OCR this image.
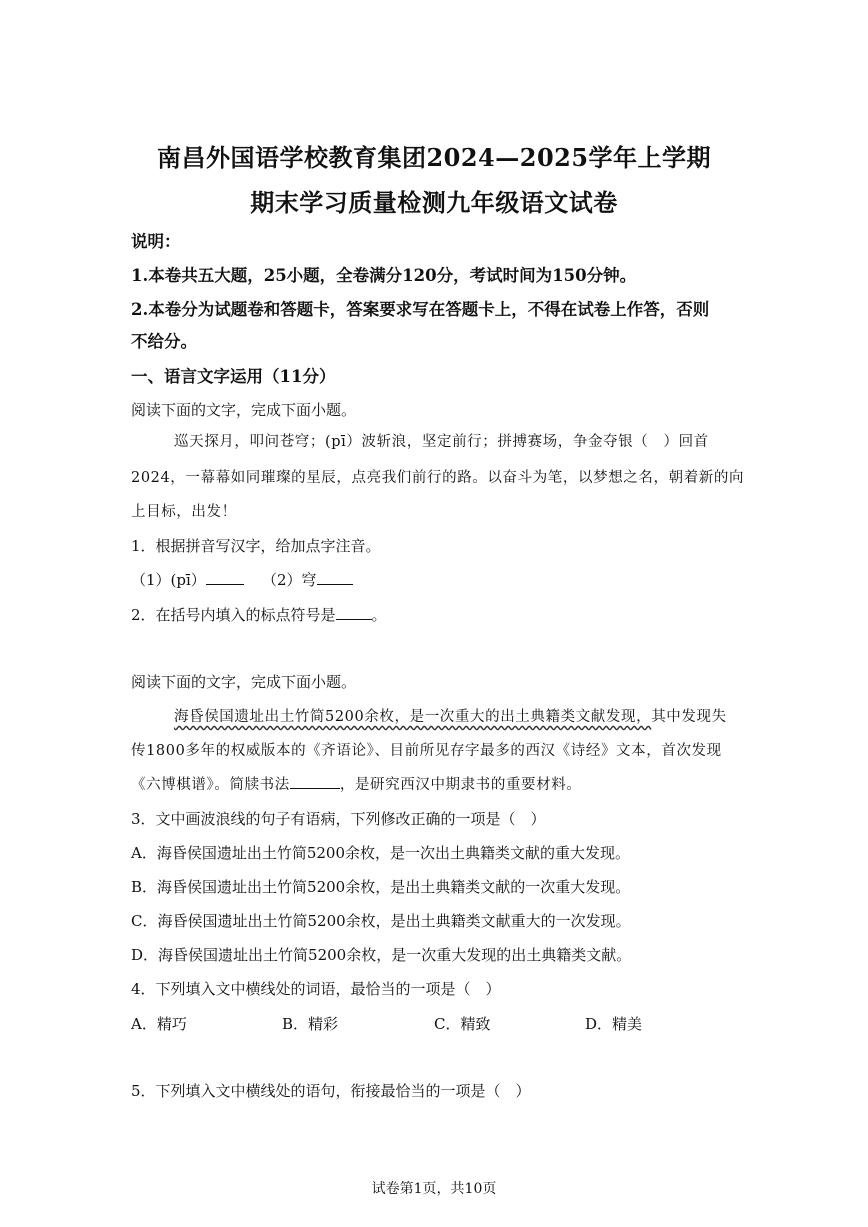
南昌外国语学校教育集团2024—2025学年上学期
期末学习质量检测九年级语文试卷
说明：
1.本卷共五大题，25小题，全卷满分120分，考试时间为150分钟。
2.本卷分为试题卷和答题卡，答案要求写在答题卡上，不得在试卷上作答，否则
不给分。
一、语言文字运用（11分）
阅读下面的文字，完成下面小题。
巡天探月，叩问苍穹；(pī）波斩浪，坚定前行；拼搏赛场，争金夺银（　）回首
2024，一幕幕如同璀璨的星辰，点亮我们前行的路。以奋斗为笔，以梦想之名，朝着新的向
上目标，出发！
1．根据拼音写汉字，给加点字注音。
（1）(pī）	（2）穹
2．在括号内填入的标点符号是 。
阅读下面的文字，完成下面小题。
海昏侯国遗址出土竹简5200余枚，是一次重大的出土典籍类文献发现，其中发现失
传1800多年的权威版本的《齐语论》、目前所见存字最多的西汉《诗经》文本，首次发现
《六博棋谱》。简牍书法	，是研究西汉中期隶书的重要材料。
3．文中画波浪线的句子有语病，下列修改正确的一项是（　）
A．海昏侯国遗址出土竹简5200余枚，是一次出土典籍类文献的重大发现。
B．海昏侯国遗址出土竹简5200余枚，是出土典籍类文献的一次重大发现。
C．海昏侯国遗址出土竹简5200余枚，是出土典籍类文献重大的一次发现。
D．海昏侯国遗址出土竹简5200余枚，是一次重大发现的出土典籍类文献。
4．下列填入文中横线处的词语，最恰当的一项是（　）
A．精巧	B．精彩	C．精致	D．精美
5．下列填入文中横线处的语句，衔接最恰当的一项是（　）
试卷第1页，共10页
